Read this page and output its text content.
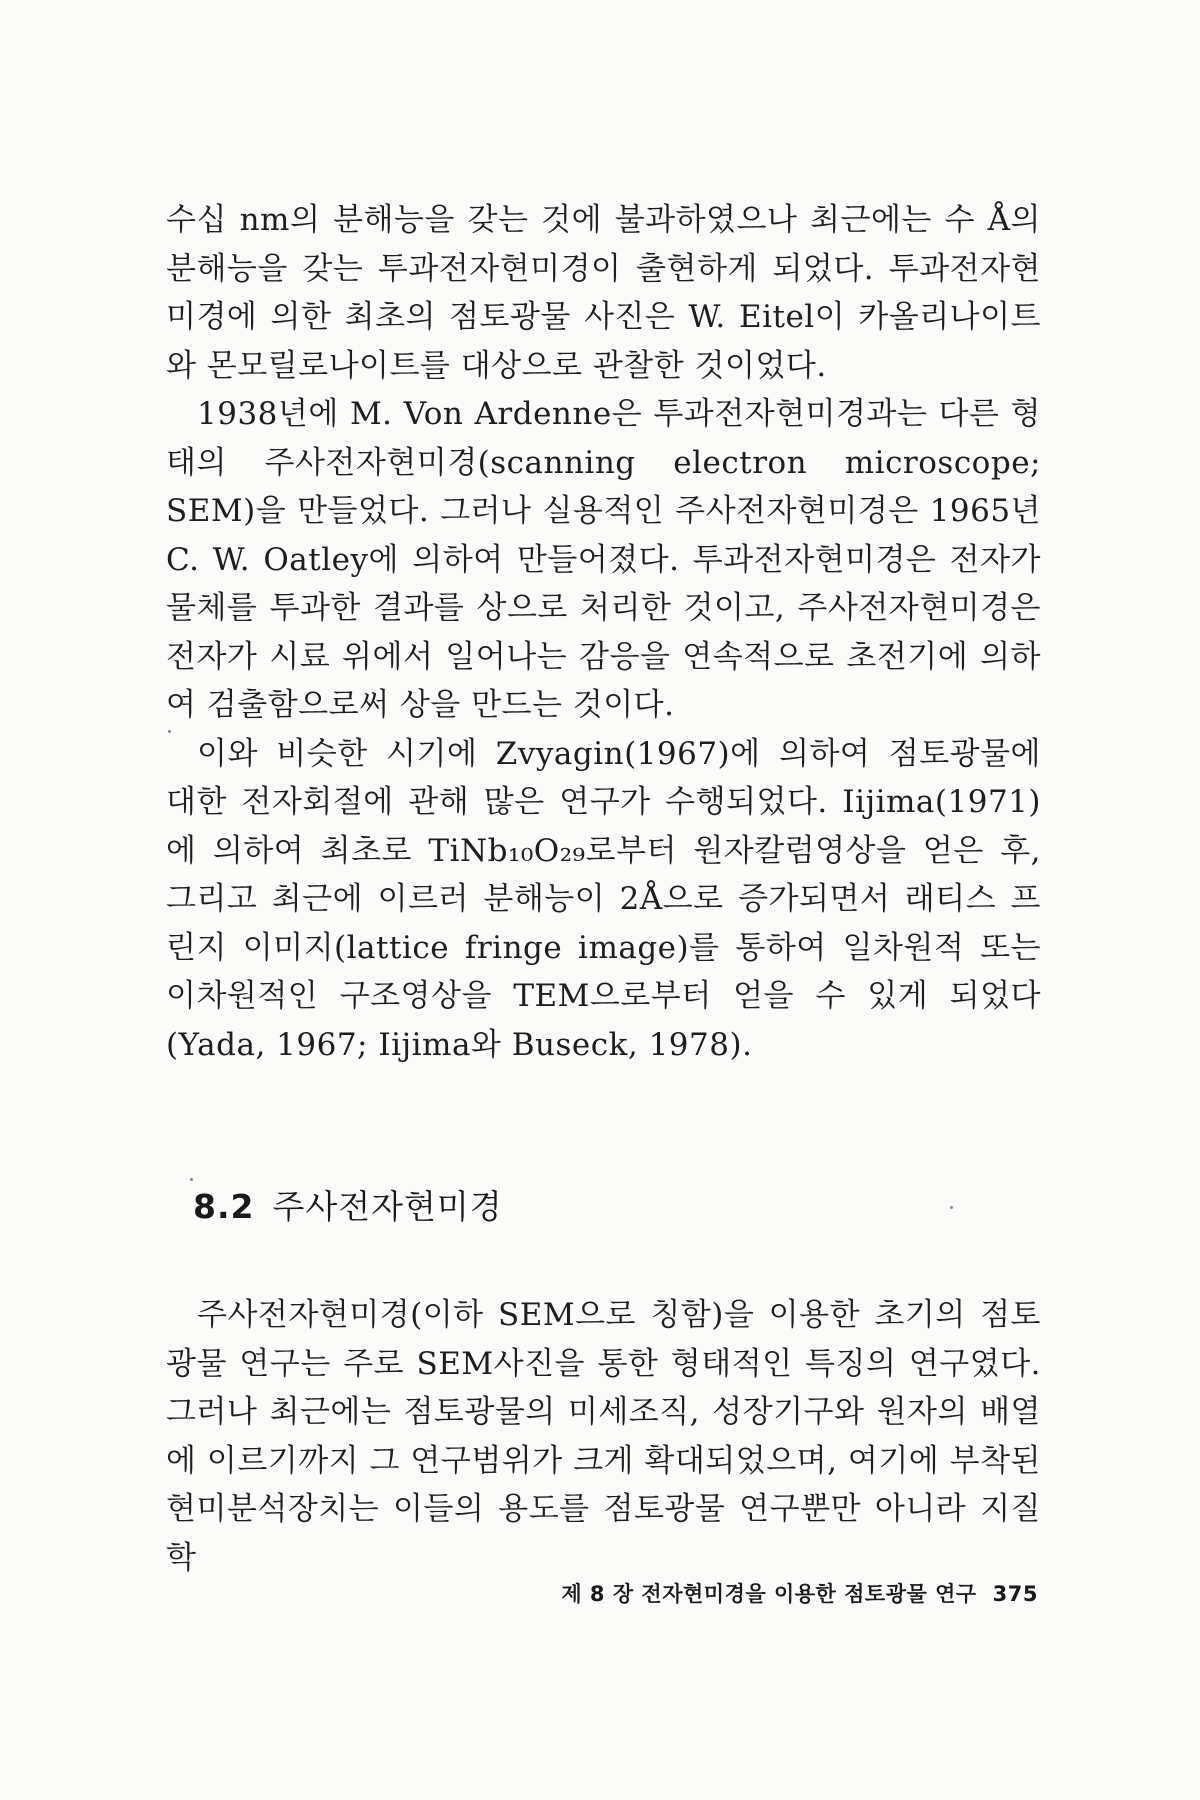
수십 nm의 분해능을 갖는 것에 불과하였으나 최근에는 수 Å의 분해능을 갖는 투과전자현미경이 출현하게 되었다. 투과전자현미경에 의한 최초의 점토광물 사진은 W. Eitel이 카올리나이트와 몬모릴로나이트를 대상으로 관찰한 것이었다.

1938년에 M. Von Ardenne은 투과전자현미경과는 다른 형태의 주사전자현미경(scanning electron microscope; SEM)을 만들었다. 그러나 실용적인 주사전자현미경은 1965년 C. W. Oatley에 의하여 만들어졌다. 투과전자현미경은 전자가 물체를 투과한 결과를 상으로 처리한 것이고, 주사전자현미경은 전자가 시료 위에서 일어나는 감응을 연속적으로 초전기에 의하여 검출함으로써 상을 만드는 것이다.

이와 비슷한 시기에 Zvyagin(1967)에 의하여 점토광물에 대한 전자회절에 관해 많은 연구가 수행되었다. Iijima(1971)에 의하여 최초로 TiNb₁₀O₂₉로부터 원자칼럼영상을 얻은 후, 그리고 최근에 이르러 분해능이 2Å으로 증가되면서 래티스 프린지 이미지(lattice fringe image)를 통하여 일차원적 또는 이차원적인 구조영상을 TEM으로부터 얻을 수 있게 되었다(Yada, 1967; Iijima와 Buseck, 1978).

8.2 주사전자현미경

주사전자현미경(이하 SEM으로 칭함)을 이용한 초기의 점토광물 연구는 주로 SEM사진을 통한 형태적인 특징의 연구였다. 그러나 최근에는 점토광물의 미세조직, 성장기구와 원자의 배열에 이르기까지 그 연구범위가 크게 확대되었으며, 여기에 부착된 현미분석장치는 이들의 용도를 점토광물 연구뿐만 아니라 지질학

제 8 장 전자현미경을 이용한 점토광물 연구 375
